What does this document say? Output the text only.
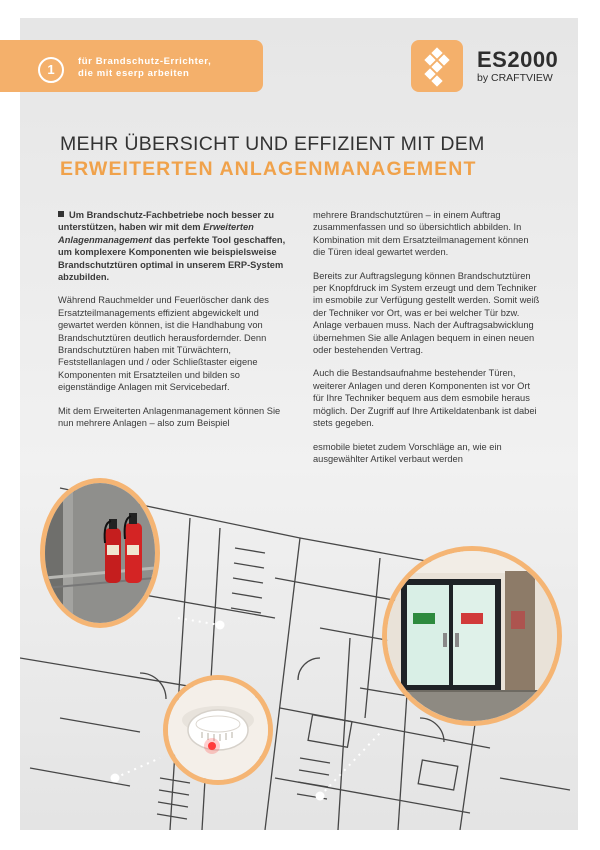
1
für Brandschutz-Errichter,
die mit eserp arbeiten
ES2000
by CRAFTVIEW
MEHR ÜBERSICHT UND EFFIZIENT MIT DEM
ERWEITERTEN ANLAGENMANAGEMENT

Um Brandschutz-Fachbetriebe noch besser zu unterstützen, haben wir mit dem Erweiterten Anlagenmanagement das perfekte Tool geschaffen, um komplexere Komponenten wie beispielsweise Brandschutztüren optimal in unserem ERP-System abzubilden.

Während Rauchmelder und Feuerlöscher dank des Ersatzteilmanagements effizient abgewickelt und gewartet werden können, ist die Handhabung von Brandschutztüren deutlich herausfordernder. Denn Brandschutztüren haben mit Türwächtern, Feststellanlagen und / oder Schließtaster eigene Komponenten mit Ersatzteilen und bilden so eigenständige Anlagen mit Servicebedarf.

Mit dem Erweiterten Anlagenmanagement können Sie nun mehrere Anlagen – also zum Beispiel

mehrere Brandschutztüren – in einem Auftrag zusammenfassen und so übersichtlich abbilden. In Kombination mit dem Ersatzteilmanagement können die Türen ideal gewartet werden.

Bereits zur Auftragslegung können Brandschutztüren per Knopfdruck im System erzeugt und dem Techniker im esmobile zur Verfügung gestellt werden. Somit weiß der Techniker vor Ort, was er bei welcher Tür bzw. Anlage verbauen muss. Nach der Auftragsabwicklung übernehmen Sie alle Anlagen bequem in einen neuen oder bestehenden Vertrag.

Auch die Bestandsaufnahme bestehender Türen, weiterer Anlagen und deren Komponenten ist vor Ort für Ihre Techniker bequem aus dem esmobile heraus möglich. Der Zugriff auf Ihre Artikeldatenbank ist dabei stets gegeben.

esmobile bietet zudem Vorschläge an, wie ein ausgewählter Artikel verbaut werden
